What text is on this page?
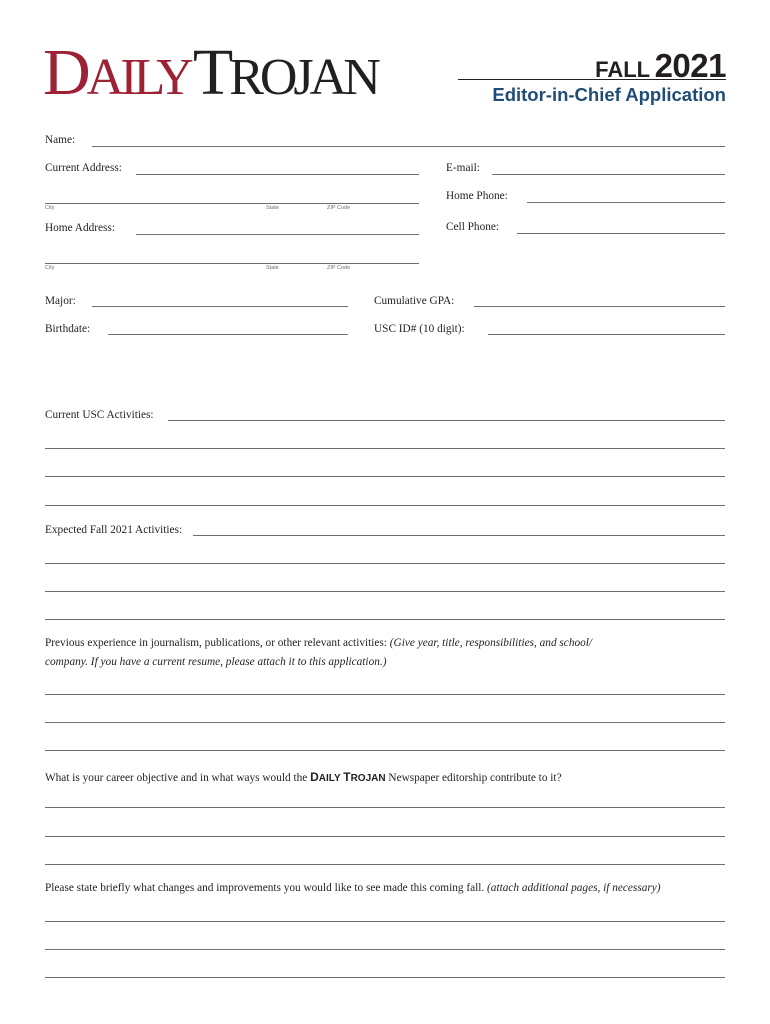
DAILY TROJAN	FALL 2021
Editor-in-Chief Application
Name:
Current Address:
City	State	ZIP Code
E-mail:
Home Phone:
Home Address:
City	State	ZIP Code
Cell Phone:
Major:	Cumulative GPA:
Birthdate:	USC ID# (10 digit):
Current USC Activities:
Expected Fall 2021 Activities:
Previous experience in journalism, publications, or other relevant activities: (Give year, title, responsibilities, and school/
company. If you have a current resume, please attach it to this application.)
What is your career objective and in what ways would the DAILY TROJAN Newspaper editorship contribute to it?
Please state briefly what changes and improvements you would like to see made this coming fall. (attach additional pages, if necessary)
